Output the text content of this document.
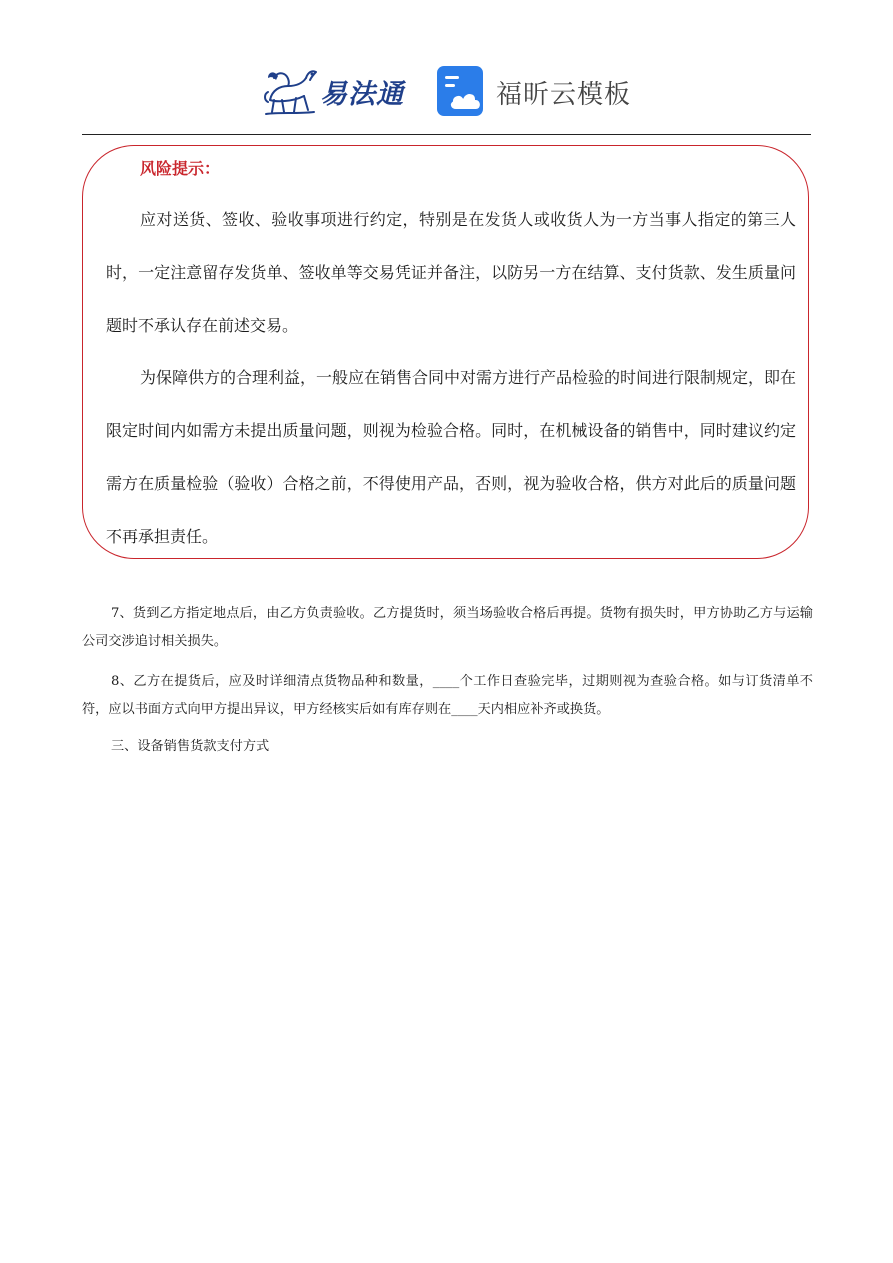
易法通	福昕云模板
风险提示：

应对送货、签收、验收事项进行约定，特别是在发货人或收货人为一方当事人指定的第三人时，一定注意留存发货单、签收单等交易凭证并备注，以防另一方在结算、支付货款、发生质量问题时不承认存在前述交易。

为保障供方的合理利益，一般应在销售合同中对需方进行产品检验的时间进行限制规定，即在限定时间内如需方未提出质量问题，则视为检验合格。同时，在机械设备的销售中，同时建议约定需方在质量检验（验收）合格之前，不得使用产品，否则，视为验收合格，供方对此后的质量问题不再承担责任。

7、货到乙方指定地点后，由乙方负责验收。乙方提货时，须当场验收合格后再提。货物有损失时，甲方协助乙方与运输公司交涉追讨相关损失。

8、乙方在提货后，应及时详细清点货物品种和数量，____个工作日查验完毕，过期则视为查验合格。如与订货清单不符，应以书面方式向甲方提出异议，甲方经核实后如有库存则在____天内相应补齐或换货。

三、设备销售货款支付方式
